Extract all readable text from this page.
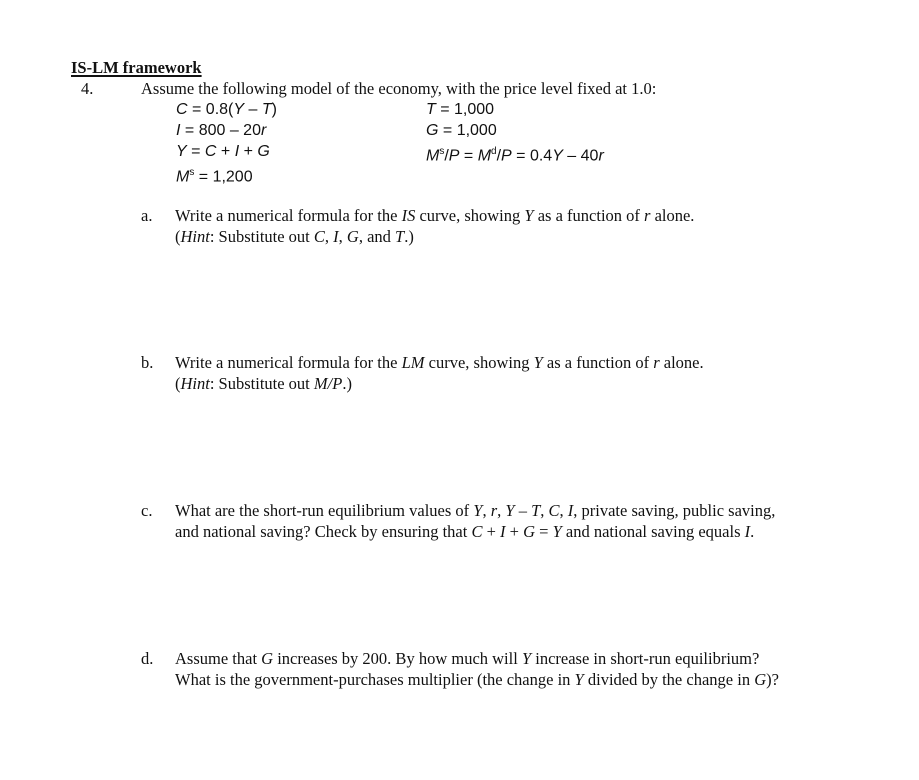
IS-LM framework
4.	Assume the following model of the economy, with the price level fixed at 1.0:
C = 0.8(Y – T)
I = 800 – 20r
Y = C + I + G
$M^s = 1,200$
T = 1,000
G = 1,000
$M^s/P = M^d/P = 0.4Y - 40r$
a. Write a numerical formula for the IS curve, showing Y as a function of r alone.
(Hint: Substitute out C, I, G, and T.)
b. Write a numerical formula for the LM curve, showing Y as a function of r alone.
(Hint: Substitute out M/P.)
c. What are the short-run equilibrium values of Y, r, Y – T, C, I, private saving, public saving,
and national saving? Check by ensuring that C + I + G = Y and national saving equals I.
d. Assume that G increases by 200. By how much will Y increase in short-run equilibrium?
What is the government-purchases multiplier (the change in Y divided by the change in G)?
